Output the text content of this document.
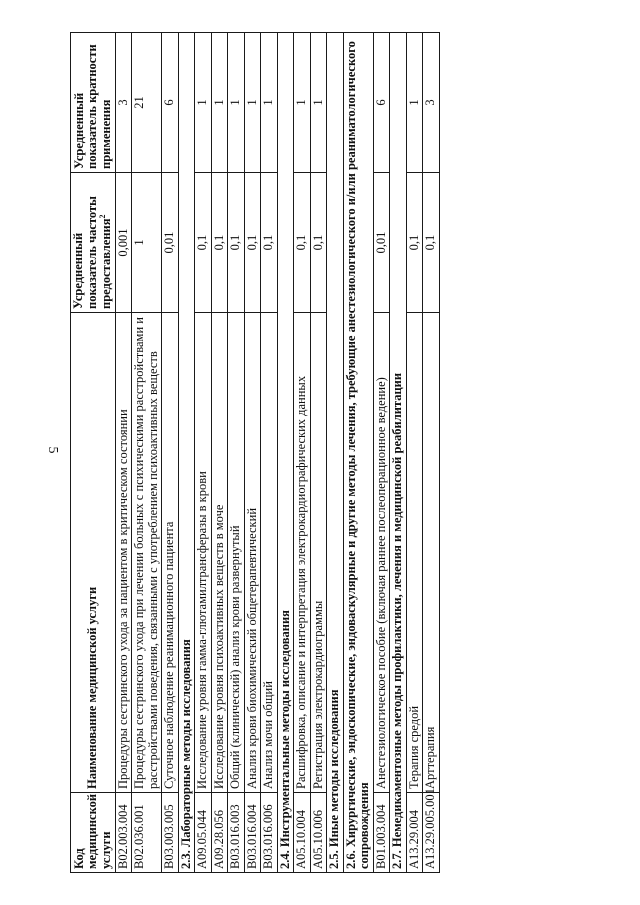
5
Код медицинской услуги	Наименование медицинской услуги	Усредненный показатель частоты предоставления$^2$	Усредненный показатель кратности применения
B02.003.004	Процедуры сестринского ухода за пациентом в критическом состоянии	0,001	3
B02.036.001	Процедуры сестринского ухода при лечении больных с психическими расстройствами и расстройствами поведения, связанными с употреблением психоактивных веществ	1	21
B03.003.005	Суточное наблюдение реанимационного пациента	0,01	6
2.3. Лабораторные методы исследования			
A09.05.044	Исследование уровня гамма-глютамилтрансферазы в крови	0,1	1
A09.28.056	Исследование уровня психоактивных веществ в моче	0,1	1
B03.016.003	Общий (клинический) анализ крови развернутый	0,1	1
B03.016.004	Анализ крови биохимический общетерапевтический	0,1	1
B03.016.006	Анализ мочи общий	0,1	1
2.4. Инструментальные методы исследования			
A05.10.004	Расшифровка, описание и интерпретация электрокардиографических данных	0,1	1
A05.10.006	Регистрация электрокардиограммы	0,1	1
2.5. Иные методы исследования			
2.6. Хирургические, эндоскопические, эндоваскулярные и другие методы лечения, требующие анестезиологического и/или реаниматологического сопровождения			
B01.003.004	Анестезиологическое пособие (включая раннее послеоперационное ведение)	0,01	6
2.7. Немедикаментозные методы профилактики, лечения и медицинской реабилитации			
A13.29.004	Терапия средой	0,1	1
A13.29.005.001	Арттерапия	0,1	3
